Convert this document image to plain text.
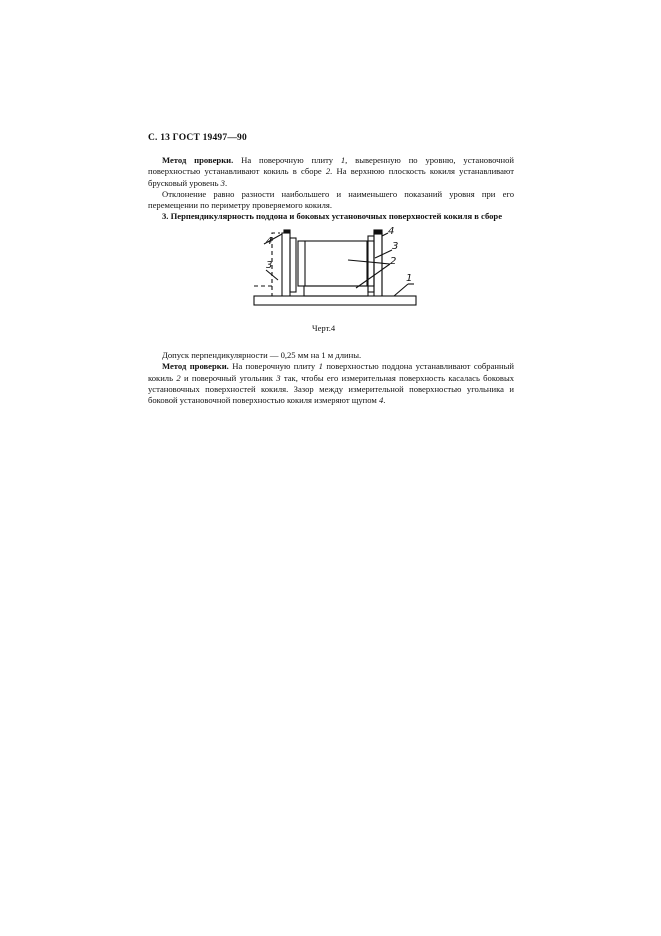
С. 13 ГОСТ 19497—90

Метод проверки. На поверочную плиту 1, выверенную по уровню, установочной поверхностью устанавливают кокиль в сборе 2. На верхнюю плоскость кокиля устанавливают брусковый уровень 3.

Отклонение равно разности наибольшего и наименьшего показаний уровня при его перемещении по периметру проверяемого кокиля.

3. Перпендикулярность поддона и боковых установочных поверхностей кокиля в сборе

4
3
4
3
2
1
Черт.4

Допуск перпендикулярности — 0,25 мм на 1 м длины.

Метод проверки. На поверочную плиту 1 поверхностью поддона устанавливают собранный кокиль 2 и поверочный угольник 3 так, чтобы его измерительная поверхность касалась боковых установочных поверхностей кокиля. Зазор между измерительной поверхностью угольника и боковой установочной поверхностью кокиля измеряют щупом 4.
